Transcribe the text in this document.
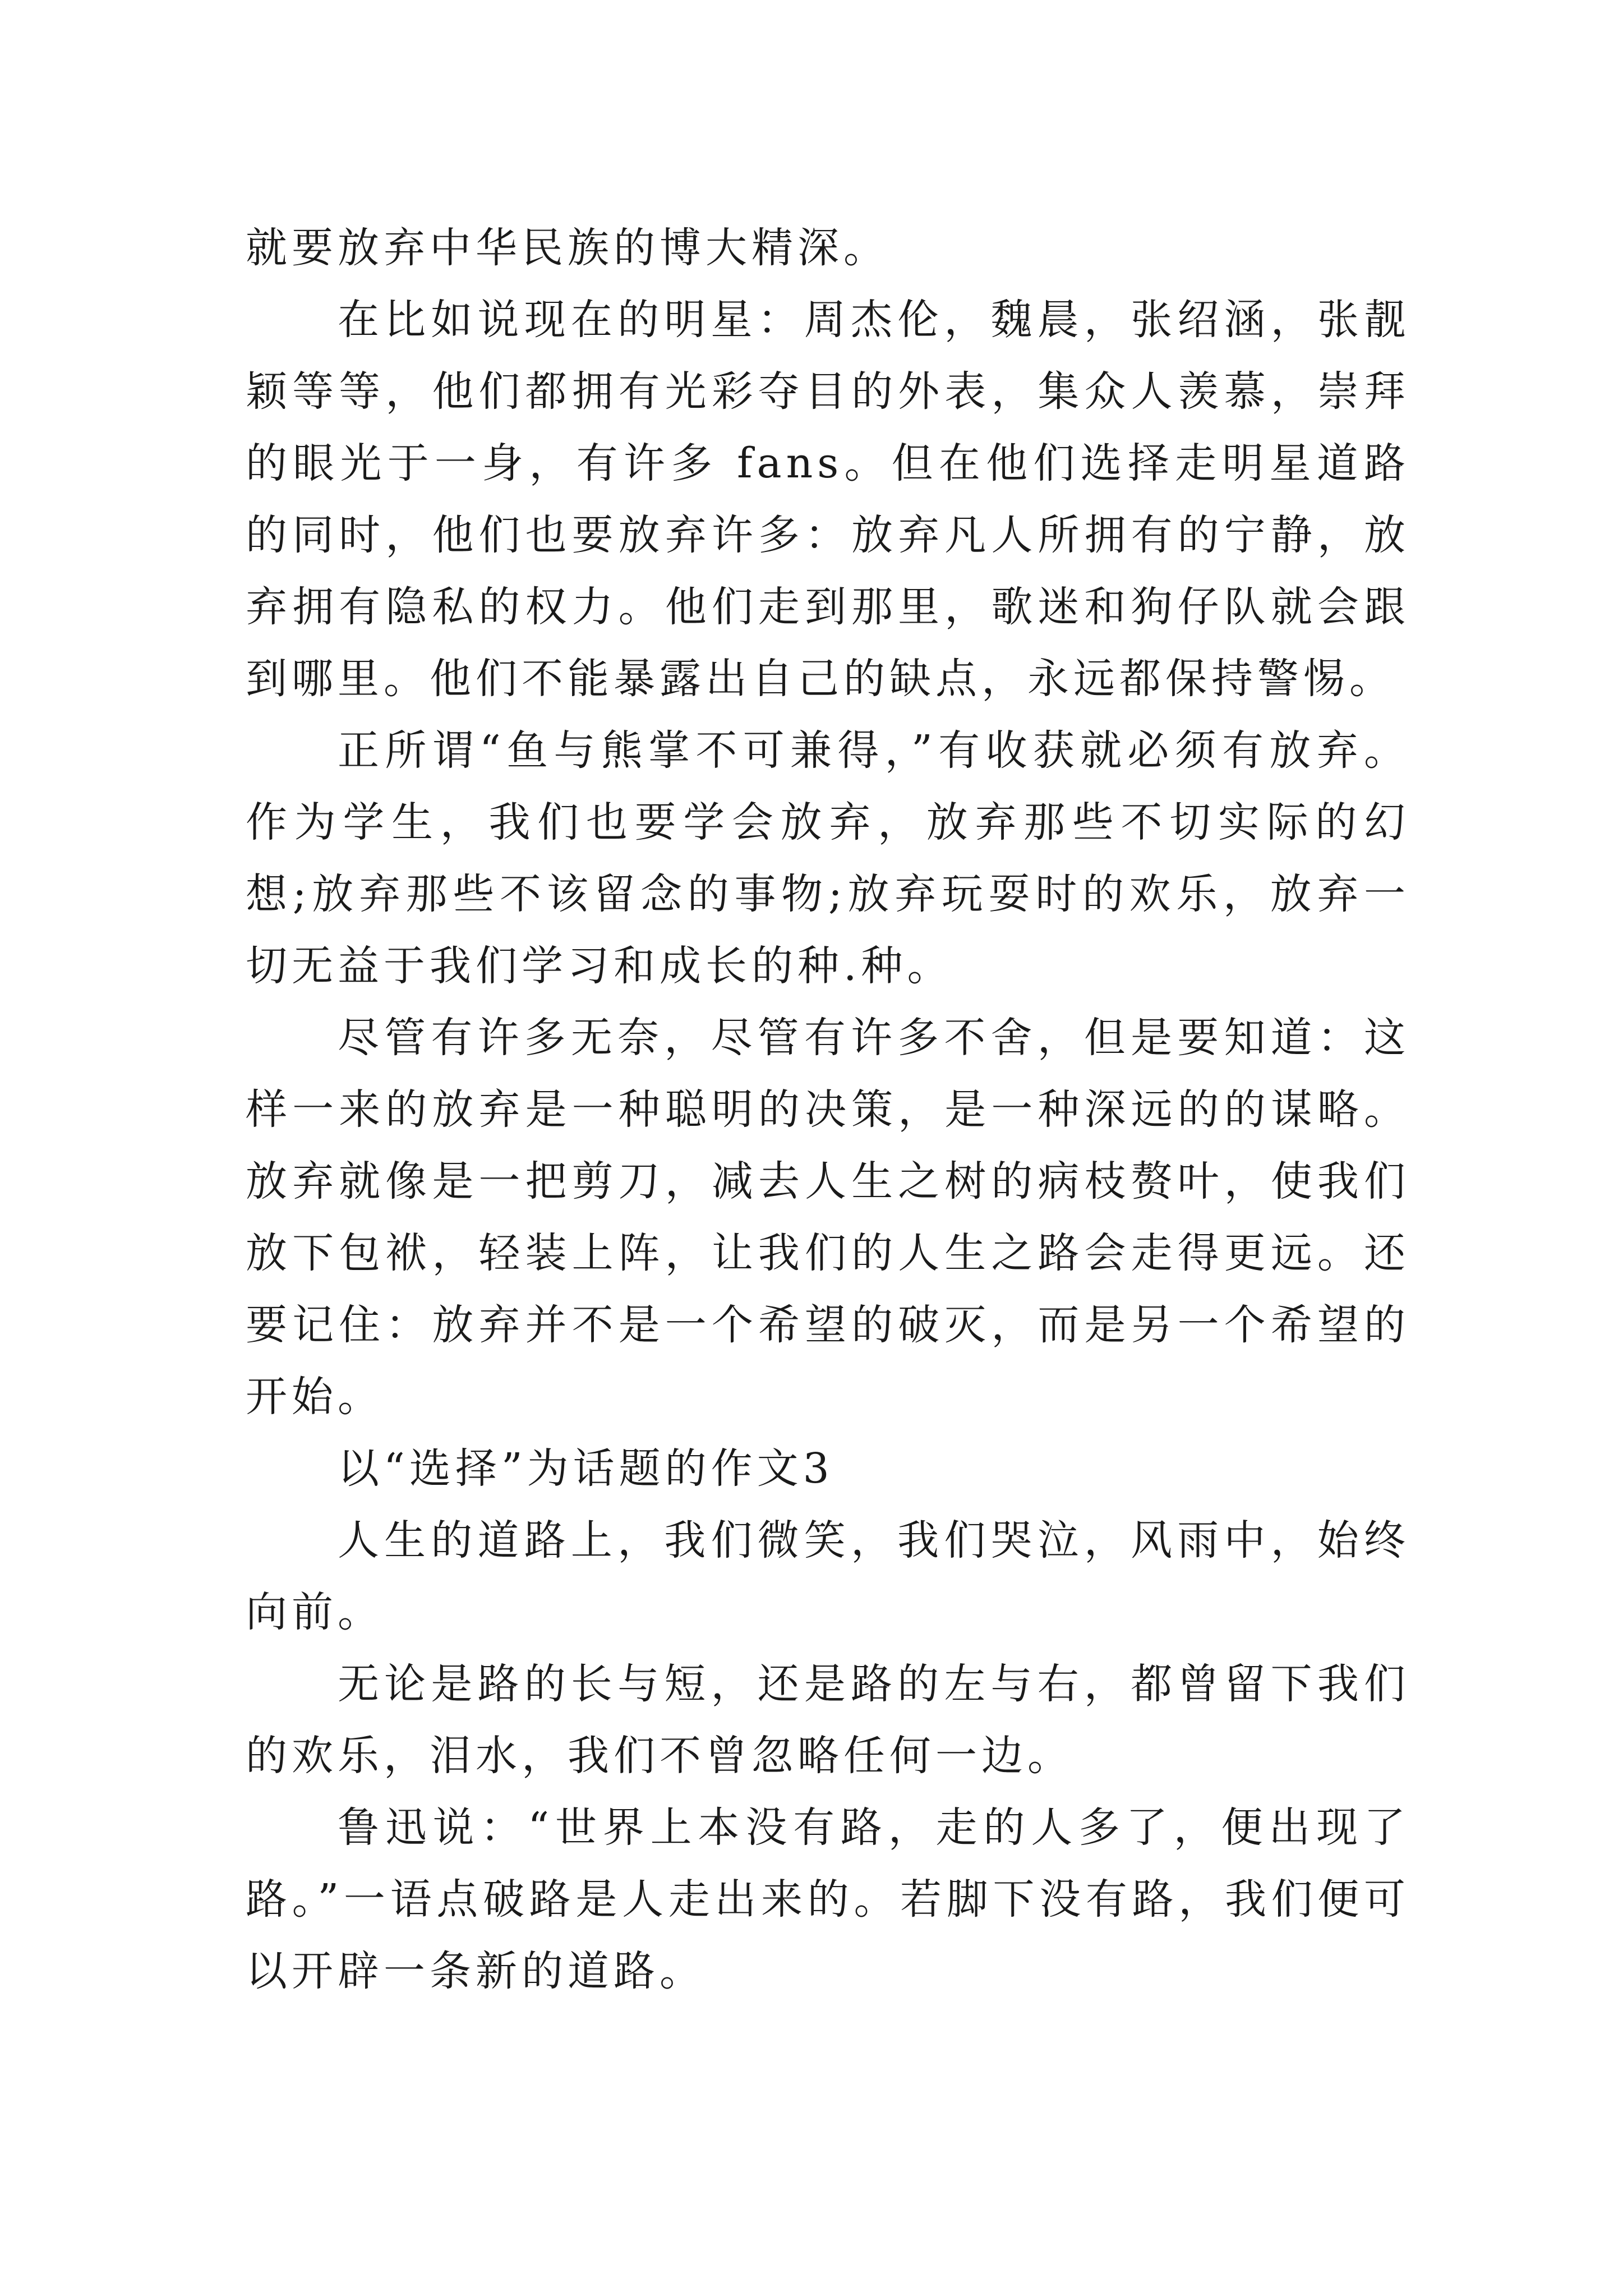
就要放弃中华民族的博大精深。

在比如说现在的明星：周杰伦，魏晨，张绍涵，张靓颖等等，他们都拥有光彩夺目的外表，集众人羡慕，崇拜的眼光于一身，有许多 fans。但在他们选择走明星道路的同时，他们也要放弃许多：放弃凡人所拥有的宁静，放弃拥有隐私的权力。他们走到那里，歌迷和狗仔队就会跟到哪里。他们不能暴露出自己的缺点，永远都保持警惕。

正所谓“鱼与熊掌不可兼得，”有收获就必须有放弃。作为学生，我们也要学会放弃，放弃那些不切实际的幻想;放弃那些不该留念的事物;放弃玩耍时的欢乐，放弃一切无益于我们学习和成长的种.种。

尽管有许多无奈，尽管有许多不舍，但是要知道：这样一来的放弃是一种聪明的决策，是一种深远的的谋略。放弃就像是一把剪刀，减去人生之树的病枝赘叶，使我们放下包袱，轻装上阵，让我们的人生之路会走得更远。还要记住：放弃并不是一个希望的破灭，而是另一个希望的开始。

以“选择”为话题的作文3

人生的道路上，我们微笑，我们哭泣，风雨中，始终向前。

无论是路的长与短，还是路的左与右，都曾留下我们的欢乐，泪水，我们不曾忽略任何一边。

鲁迅说：“世界上本没有路，走的人多了，便出现了路。”一语点破路是人走出来的。若脚下没有路，我们便可以开辟一条新的道路。
